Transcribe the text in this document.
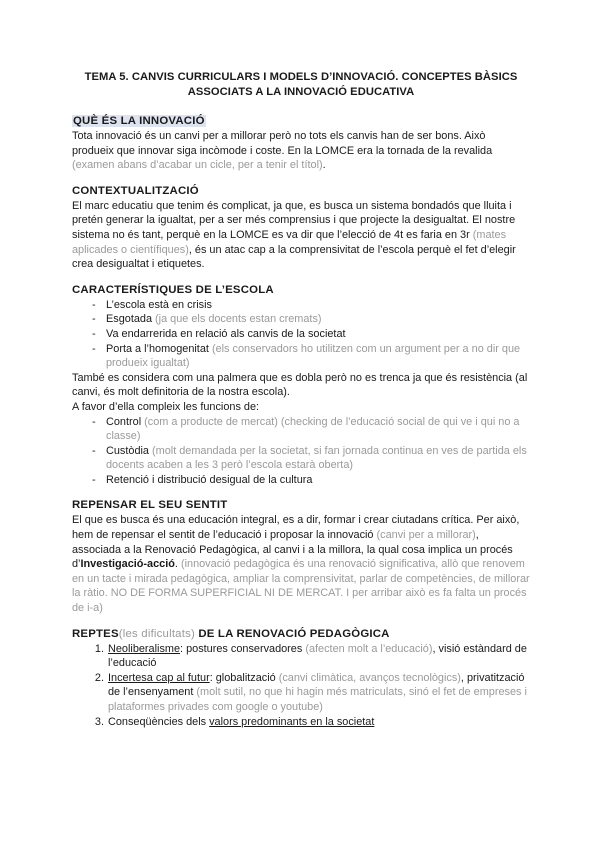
TEMA 5. CANVIS CURRICULARS I MODELS D’INNOVACIÓ. CONCEPTES BÀSICS
ASSOCIATS A LA INNOVACIÓ EDUCATIVA

QUÈ ÉS LA INNOVACIÓ

Tota innovació és un canvi per a millorar però no tots els canvis han de ser bons. Això produeix que innovar siga incòmode i coste. En la LOMCE era la tornada de la revalida (examen abans d’acabar un cicle, per a tenir el títol).

CONTEXTUALITZACIÓ

El marc educatiu que tenim és complicat, ja que, es busca un sistema bondadós que lluita i pretén generar la igualtat, per a ser més comprensius i que projecte la desigualtat. El nostre sistema no és tant, perquè en la LOMCE es va dir que l’elecció de 4t es faria en 3r (mates aplicades o científiques), és un atac cap a la comprensivitat de l’escola perquè el fet d’elegir crea desigualtat i etiquetes.

CARACTERÍSTIQUES DE L’ESCOLA

- L’escola està en crisis
- Esgotada (ja que els docents estan cremats)
- Va endarrerida en relació als canvis de la societat
- Porta a l’homogenitat (els conservadors ho utilitzen com un argument per a no dir que produeix igualtat)

També es considera com una palmera que es dobla però no es trenca ja que és resistència (al canvi, és molt definitoria de la nostra escola).

A favor d’ella compleix les funcions de:

- Control (com a producte de mercat) (checking de l’educació social de qui ve i qui no a classe)
- Custòdia (molt demandada per la societat, si fan jornada continua en ves de partida els docents acaben a les 3 però l’escola estarà oberta)
- Retenció i distribució desigual de la cultura

REPENSAR EL SEU SENTIT

El que es busca és una educación integral, es a dir, formar i crear ciutadans crítica. Per això, hem de repensar el sentit de l’educació i proposar la innovació (canvi per a millorar), associada a la Renovació Pedagògica, al canvi i a la millora, la qual cosa implica un procés d’Investigació-acció. (innovació pedagògica és una renovació significativa, allò que renovem en un tacte i mirada pedagògica, ampliar la comprensivitat, parlar de competències, de millorar la ràtio. NO DE FORMA SUPERFICIAL NI DE MERCAT. I per arribar això es fa falta un procés de i-a)

REPTES(les dificultats) DE LA RENOVACIÓ PEDAGÒGICA

1. Neoliberalisme: postures conservadores (afecten molt a l’educació), visió estàndard de l’educació
2. Incertesa cap al futur: globalització (canvi climàtica, avanços tecnològics), privatització de l’ensenyament (molt sutil, no que hi hagin més matriculats, sinó el fet de empreses i plataformes privades com google o youtube)
3. Conseqüències dels valors predominants en la societat
